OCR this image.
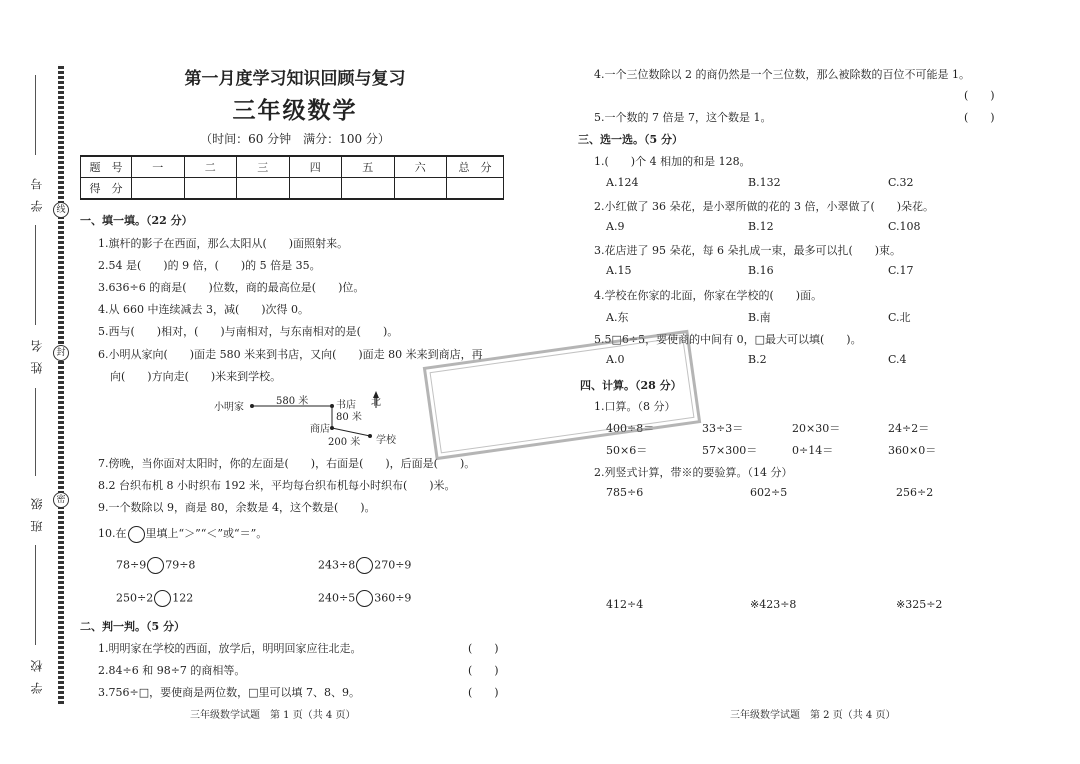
学号
姓名
班级
学校
线
封
密
第一月度学习知识回顾与复习
三年级数学
（时间：60 分钟　满分：100 分）
题　号	一	二	三	四	五	六	总　分
得　分							
一、填一填。（22 分）
1.旗杆的影子在西面，那么太阳从(　　)面照射来。
2.54 是(　　)的 9 倍，(　　)的 5 倍是 35。
3.636÷6 的商是(　　)位数，商的最高位是(　　)位。
4.从 660 中连续减去 3，减(　　)次得 0。
5.西与(　　)相对，(　　)与南相对，与东南相对的是(　　)。
6.小明从家向(　　)面走 580 米来到书店，又向(　　)面走 80 米来到商店，再
向(　　)方向走(　　)米来到学校。
小明家
580 米	书店 北
80 米
商店
200 米 学校
7.傍晚，当你面对太阳时，你的左面是(　　)，右面是(　　)，后面是(　　)。
8.2 台织布机 8 小时织布 192 米，平均每台织布机每小时织布(　　)米。
9.一个数除以 9，商是 80，余数是 4，这个数是(　　)。
10.在 里填上“＞”“＜”或“＝”。
78÷9 79÷8	243÷8 270÷9
250÷2 122	240÷5 360÷9
二、判一判。（5 分）
1.明明家在学校的西面，放学后，明明回家应往北走。	(　　)
2.84÷6 和 98÷7 的商相等。	(　　)
3.756÷□，要使商是两位数，□里可以填 7、8、9。	(　　)
三年级数学试题　第 1 页（共 4 页）
4.一个三位数除以 2 的商仍然是一个三位数，那么被除数的百位不可能是 1。
(　　)
5.一个数的 7 倍是 7，这个数是 1。	(　　)
三、选一选。（5 分）
1.(　　)个 4 相加的和是 128。
A.124	B.132	C.32
2.小红做了 36 朵花，是小翠所做的花的 3 倍，小翠做了(　　)朵花。
A.9	B.12	C.108
3.花店进了 95 朵花，每 6 朵扎成一束，最多可以扎(　　)束。
A.15	B.16	C.17
4.学校在你家的北面，你家在学校的(　　)面。
A.东	B.南	C.北
5.5□6÷5，要使商的中间有 0，□最大可以填(　　)。
A.0	B.2	C.4
四、计算。（28 分）
1.口算。（8 分）
400÷8＝	33÷3＝	20×30＝	24÷2＝
50×6＝	57×300＝	0÷14＝	360×0＝
2.列竖式计算，带※的要验算。（14 分）
785÷6	602÷5	256÷2
412÷4	※423÷8	※325÷2
三年级数学试题　第 2 页（共 4 页）
